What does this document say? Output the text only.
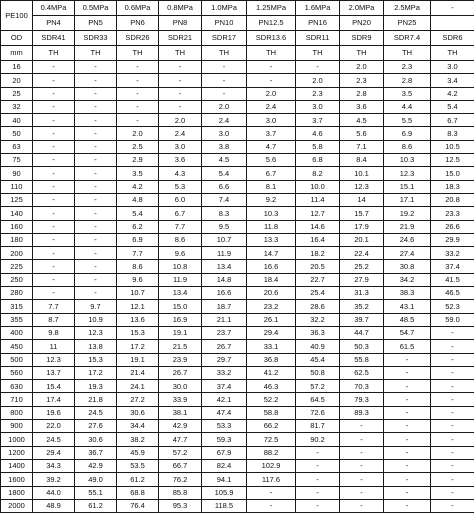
PE100	0.4MPa	0.5MPa	0.6MPa	0.8MPa	1.0MPa	1.25MPa	1.6MPa	2.0MPa	2.5MPa	-
	PN4	PN5	PN6	PN8	PN10	PN12.5	PN16	PN20	PN25	
OD	SDR41	SDR33	SDR26	SDR21	SDR17	SDR13.6	SDR11	SDR9	SDR7.4	SDR6
mm	TH	TH	TH	TH	TH	TH	TH	TH	TH	TH
16	-	-	-	-	-	-	-	2.0	2.3	3.0
20	-	-	-	-	-	-	2.0	2.3	2.8	3.4
25	-	-	-	-	-	2.0	2.3	2.8	3.5	4.2
32	-	-	-	-	2.0	2.4	3.0	3.6	4.4	5.4
40	-	-	-	2.0	2.4	3.0	3.7	4.5	5.5	6.7
50	-	-	2.0	2.4	3.0	3.7	4.6	5.6	6.9	8.3
63	-	-	2.5	3.0	3.8	4.7	5.8	7.1	8.6	10.5
75	-	-	2.9	3.6	4.5	5.6	6.8	8.4	10.3	12.5
90	-	-	3.5	4.3	5.4	6.7	8.2	10.1	12.3	15.0
110	-	-	4.2	5.3	6.6	8.1	10.0	12.3	15.1	18.3
125	-	-	4.8	6.0	7.4	9.2	11.4	14	17.1	20.8
140	-	-	5.4	6.7	8.3	10.3	12.7	15.7	19.2	23.3
160	-	-	6.2	7.7	9.5	11.8	14.6	17.9	21.9	26.6
180	-	-	6.9	8.6	10.7	13.3	16.4	20.1	24.6	29.9
200	-	-	7.7	9.6	11.9	14.7	18.2	22.4	27.4	33.2
225	-	-	8.6	10.8	13.4	16.6	20.5	25.2	30.8	37.4
250	-	-	9.6	11.9	14.8	18.4	22.7	27.9	34.2	41.5
280	-	-	10.7	13.4	16.6	20.6	25.4	31.3	38.3	46.5
315	7.7	9.7	12.1	15.0	18.7	23.2	28.6	35.2	43.1	52.3
355	8.7	10.9	13.6	16.9	21.1	26.1	32.2	39.7	48.5	59.0
400	9.8	12.3	15.3	19.1	23.7	29.4	36.3	44.7	54.7	-
450	11	13.8	17.2	21.5	26.7	33.1	40.9	50.3	61.5	-
500	12.3	15.3	19.1	23.9	29.7	36.8	45.4	55.8	-	-
560	13.7	17.2	21.4	26.7	33.2	41.2	50.8	62.5	-	-
630	15.4	19.3	24.1	30.0	37.4	46.3	57.2	70.3	-	-
710	17.4	21.8	27.2	33.9	42.1	52.2	64.5	79.3	-	-
800	19.6	24.5	30.6	38.1	47.4	58.8	72.6	89.3	-	-
900	22.0	27.6	34.4	42.9	53.3	66.2	81.7	-	-	-
1000	24.5	30.6	38.2	47.7	59.3	72.5	90.2	-	-	-
1200	29.4	36.7	45.9	57.2	67.9	88.2	-	-	-	-
1400	34.3	42.9	53.5	66.7	82.4	102.9	-	-	-	-
1600	39.2	49.0	61.2	76.2	94.1	117.6	-	-	-	-
1800	44.0	55.1	68.8	85.8	105.9	-	-	-	-	-
2000	48.9	61.2	76.4	95.3	118.5	-	-	-	-	-
